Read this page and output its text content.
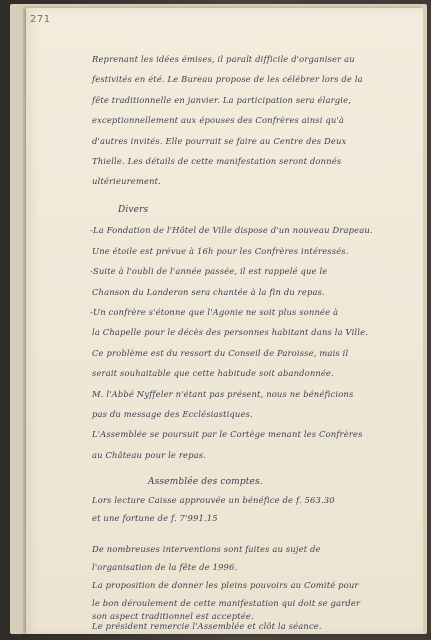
271
Reprenant les idées émises, il paraît difficile d'organiser au
festivités en été. Le Bureau propose de les célébrer lors de la
fête traditionnelle en janvier. La participation sera élargie,
exceptionnellement aux épouses des Confrères ainsi qu'à
d'autres invités. Elle pourrait se faire au Centre des Deux
Thielle. Les détails de cette manifestation seront donnés
ultérieurement.
Divers
-La Fondation de l'Hôtel de Ville dispose d'un nouveau Drapeau.
Une étoile est prévue à 16h pour les Confrères intéressés.
-Suite à l'oubli de l'année passée, il est rappelé que le
Chanson du Landeron sera chantée à la fin du repas.
-Un confrère s'étonne que l'Agonie ne soit plus sonnée à
la Chapelle pour le décès des personnes habitant dans la Ville.
Ce problème est du ressort du Conseil de Paroisse, mais il
serait souhaitable que cette habitude soit abandonnée.
M. l'Abbé Nyffeler n'étant pas présent, nous ne bénéficions
pas du message des Ecclésiastiques.
L'Assemblée se poursuit par le Cortège menant les Confrères
au Château pour le repas.
Assemblée des comptes.
Lors lecture Caisse approuvée un bénéfice de f. 563.30
et une fortune de f. 7'991.15
De nombreuses interventions sont faites au sujet de
l'organisation de la fête de 1996.
La proposition de donner les pleins pouvoirs au Comité pour
le bon déroulement de cette manifestation qui doit se garder
son aspect traditionnel est acceptée.
Le président remercie l'Assemblée et clôt la séance.
